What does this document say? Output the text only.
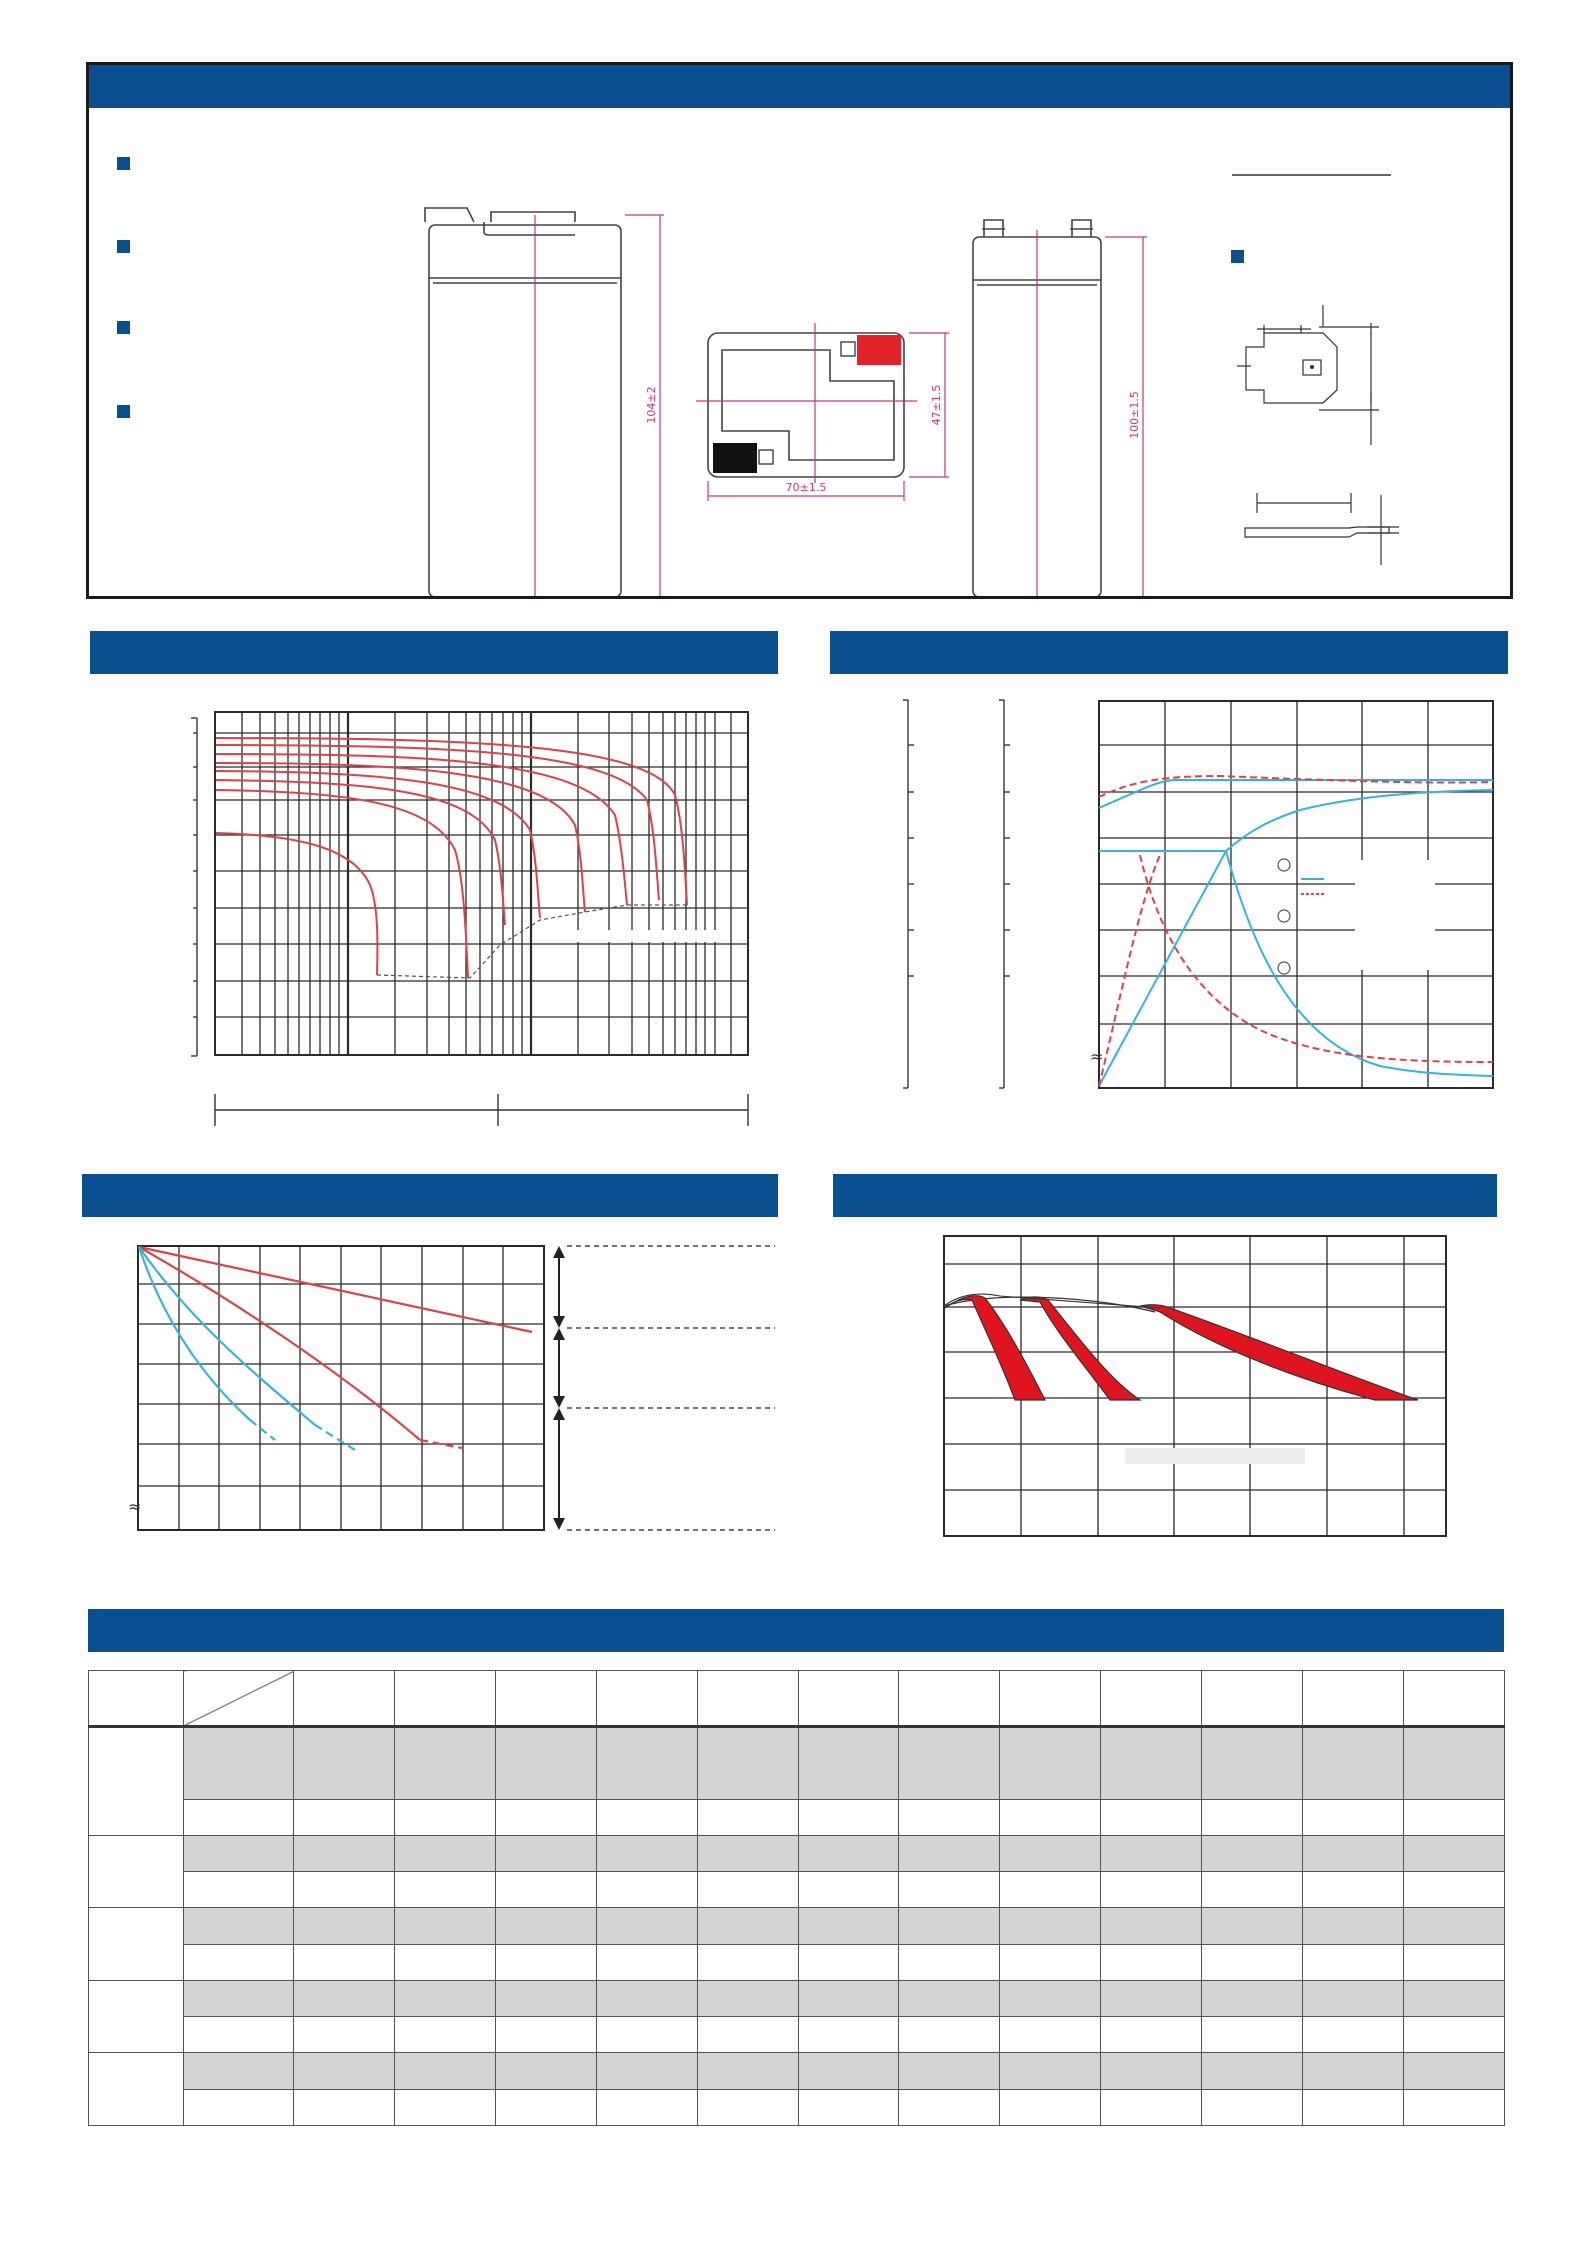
104±2	47±1.5
70±1.5
100±1.5
≈
≈
